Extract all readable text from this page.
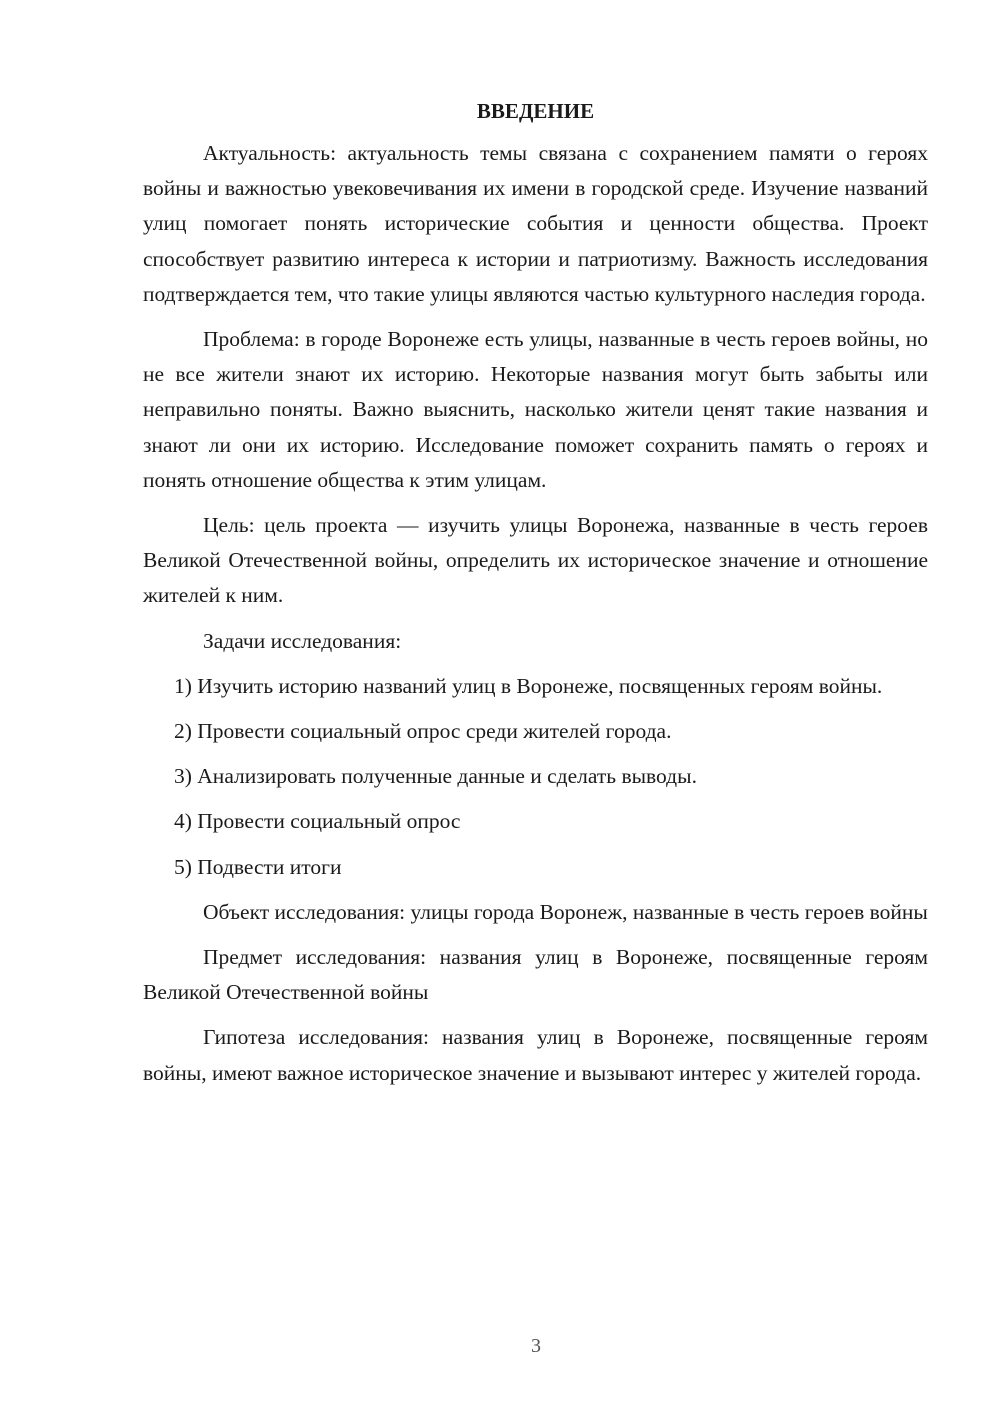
ВВЕДЕНИЕ

Актуальность: актуальность темы связана с сохранением памяти о героях войны и важностью увековечивания их имени в городской среде. Изучение названий улиц помогает понять исторические события и ценности общества. Проект способствует развитию интереса к истории и патриотизму. Важность исследования подтверждается тем, что такие улицы являются частью культурного наследия города.

Проблема: в городе Воронеже есть улицы, названные в честь героев войны, но не все жители знают их историю. Некоторые названия могут быть забыты или неправильно поняты. Важно выяснить, насколько жители ценят такие названия и знают ли они их историю. Исследование поможет сохранить память о героях и понять отношение общества к этим улицам.

Цель: цель проекта — изучить улицы Воронежа, названные в честь героев Великой Отечественной войны, определить их историческое значение и отношение жителей к ним.

Задачи исследования:

1) Изучить историю названий улиц в Воронеже, посвященных героям войны.

2) Провести социальный опрос среди жителей города.

3) Анализировать полученные данные и сделать выводы.

4) Провести социальный опрос

5) Подвести итоги

Объект исследования: улицы города Воронеж, названные в честь героев войны

Предмет исследования: названия улиц в Воронеже, посвященные героям Великой Отечественной войны

Гипотеза исследования: названия улиц в Воронеже, посвященные героям войны, имеют важное историческое значение и вызывают интерес у жителей города.

3
